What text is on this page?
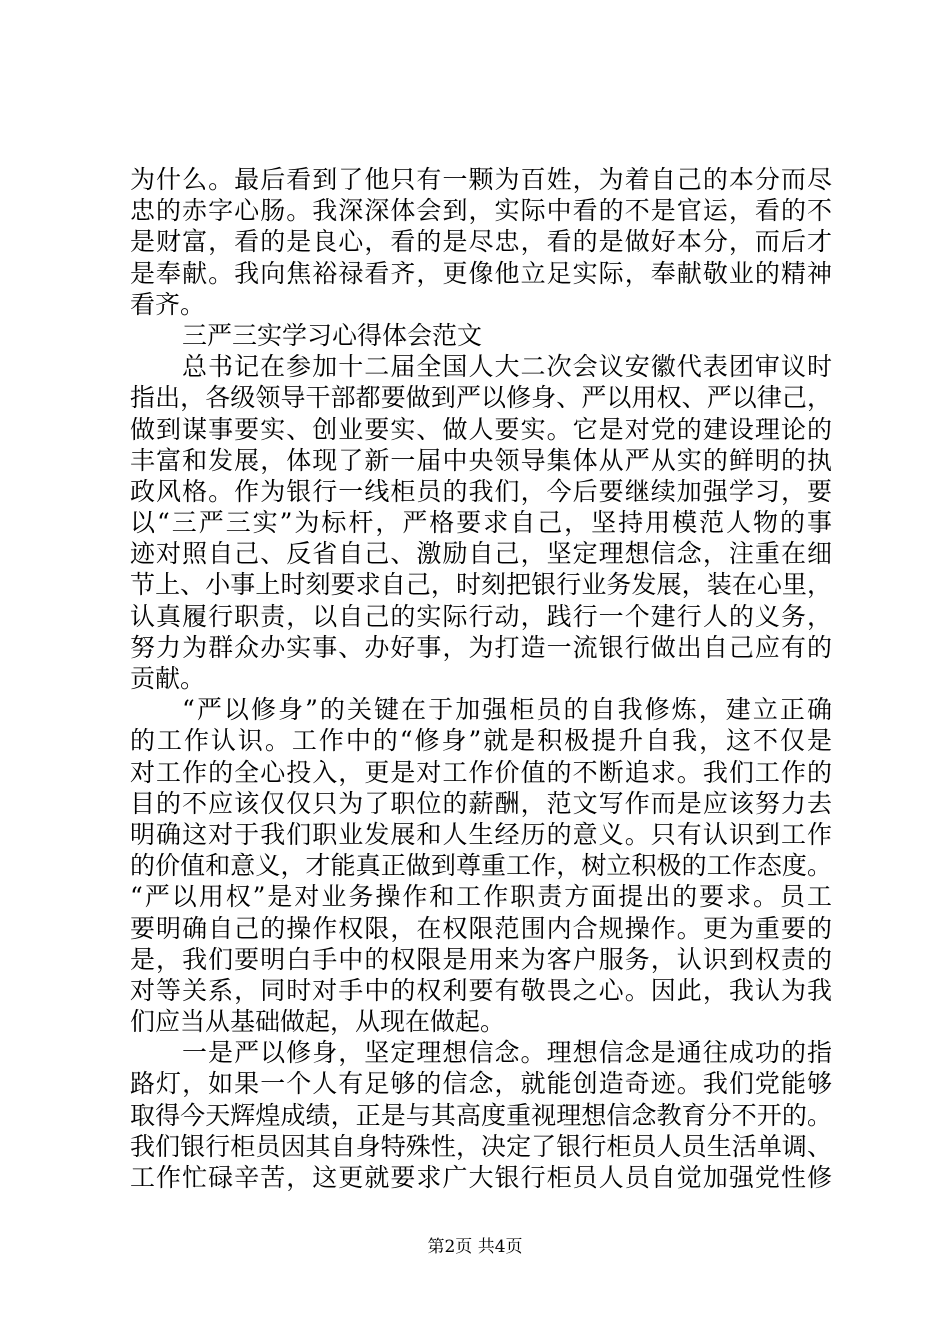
为什么。最后看到了他只有一颗为百姓，为着自己的本分而尽
忠的赤字心肠。我深深体会到，实际中看的不是官运，看的不
是财富，看的是良心，看的是尽忠，看的是做好本分，而后才
是奉献。我向焦裕禄看齐，更像他立足实际，奉献敬业的精神
看齐。
三严三实学习心得体会范文
总书记在参加十二届全国人大二次会议安徽代表团审议时
指出，各级领导干部都要做到严以修身、严以用权、严以律己，
做到谋事要实、创业要实、做人要实。它是对党的建设理论的
丰富和发展，体现了新一届中央领导集体从严从实的鲜明的执
政风格。作为银行一线柜员的我们，今后要继续加强学习，要
以“三严三实”为标杆，严格要求自己，坚持用模范人物的事
迹对照自己、反省自己、激励自己，坚定理想信念，注重在细
节上、小事上时刻要求自己，时刻把银行业务发展，装在心里，
认真履行职责，以自己的实际行动，践行一个建行人的义务，
努力为群众办实事、办好事，为打造一流银行做出自己应有的
贡献。
“严以修身”的关键在于加强柜员的自我修炼，建立正确
的工作认识。工作中的“修身”就是积极提升自我，这不仅是
对工作的全心投入，更是对工作价值的不断追求。我们工作的
目的不应该仅仅只为了职位的薪酬，范文写作而是应该努力去
明确这对于我们职业发展和人生经历的意义。只有认识到工作
的价值和意义，才能真正做到尊重工作，树立积极的工作态度。
“严以用权”是对业务操作和工作职责方面提出的要求。员工
要明确自己的操作权限，在权限范围内合规操作。更为重要的
是，我们要明白手中的权限是用来为客户服务，认识到权责的
对等关系，同时对手中的权利要有敬畏之心。因此，我认为我
们应当从基础做起，从现在做起。
一是严以修身，坚定理想信念。理想信念是通往成功的指
路灯，如果一个人有足够的信念，就能创造奇迹。我们党能够
取得今天辉煌成绩，正是与其高度重视理想信念教育分不开的。
我们银行柜员因其自身特殊性，决定了银行柜员人员生活单调、
工作忙碌辛苦，这更就要求广大银行柜员人员自觉加强党性修
第2页 共4页
